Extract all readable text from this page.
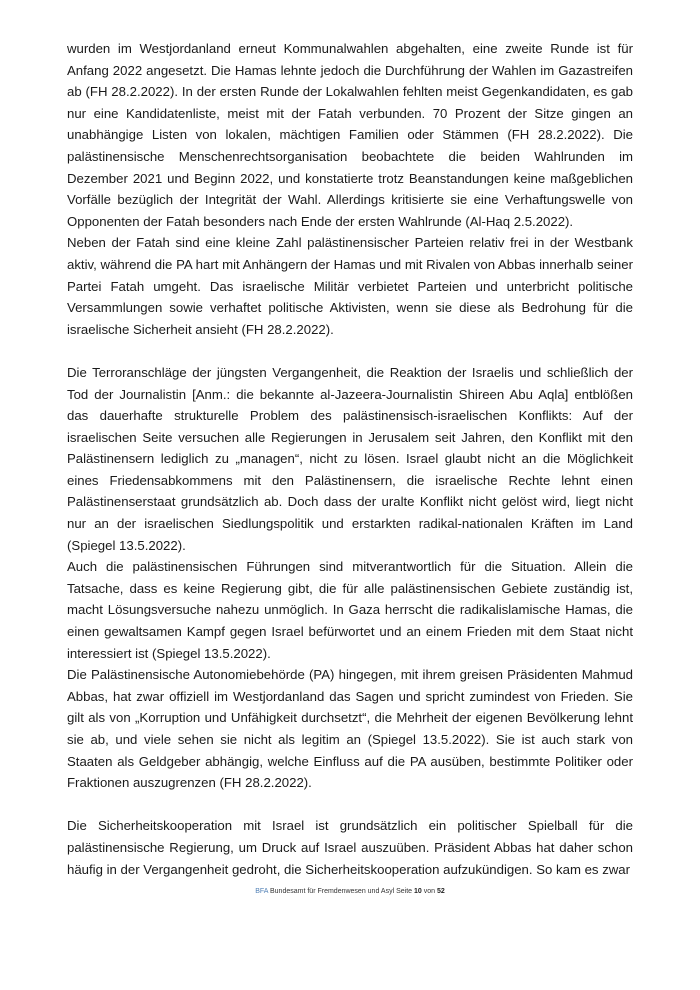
wurden im Westjordanland erneut Kommunalwahlen abgehalten, eine zweite Runde ist für Anfang 2022 angesetzt. Die Hamas lehnte jedoch die Durchführung der Wahlen im Gazastreifen ab (FH 28.2.2022). In der ersten Runde der Lokalwahlen fehlten meist Gegenkandidaten, es gab nur eine Kandidatenliste, meist mit der Fatah verbunden. 70 Prozent der Sitze gingen an unabhängige Listen von lokalen, mächtigen Familien oder Stämmen (FH 28.2.2022). Die palästinensische Menschenrechtsorganisation beobachtete die beiden Wahlrunden im Dezember 2021 und Beginn 2022, und konstatierte trotz Beanstandungen keine maßgeblichen Vorfälle bezüglich der Integrität der Wahl. Allerdings kritisierte sie eine Verhaftungswelle von Opponenten der Fatah besonders nach Ende der ersten Wahlrunde (Al-Haq 2.5.2022).

Neben der Fatah sind eine kleine Zahl palästinensischer Parteien relativ frei in der Westbank aktiv, während die PA hart mit Anhängern der Hamas und mit Rivalen von Abbas innerhalb seiner Partei Fatah umgeht. Das israelische Militär verbietet Parteien und unterbricht politische Versammlungen sowie verhaftet politische Aktivisten, wenn sie diese als Bedrohung für die israelische Sicherheit ansieht (FH 28.2.2022).

Die Terroranschläge der jüngsten Vergangenheit, die Reaktion der Israelis und schließlich der Tod der Journalistin [Anm.: die bekannte al-Jazeera-Journalistin Shireen Abu Aqla] entblößen das dauerhafte strukturelle Problem des palästinensisch-israelischen Konflikts: Auf der israelischen Seite versuchen alle Regierungen in Jerusalem seit Jahren, den Konflikt mit den Palästinensern lediglich zu „managen“, nicht zu lösen. Israel glaubt nicht an die Möglichkeit eines Friedensabkommens mit den Palästinensern, die israelische Rechte lehnt einen Palästinenserstaat grundsätzlich ab. Doch dass der uralte Konflikt nicht gelöst wird, liegt nicht nur an der israelischen Siedlungspolitik und erstarkten radikal-nationalen Kräften im Land (Spiegel 13.5.2022).

Auch die palästinensischen Führungen sind mitverantwortlich für die Situation. Allein die Tatsache, dass es keine Regierung gibt, die für alle palästinensischen Gebiete zuständig ist, macht Lösungsversuche nahezu unmöglich. In Gaza herrscht die radikalislamische Hamas, die einen gewaltsamen Kampf gegen Israel befürwortet und an einem Frieden mit dem Staat nicht interessiert ist (Spiegel 13.5.2022).

Die Palästinensische Autonomiebehörde (PA) hingegen, mit ihrem greisen Präsidenten Mahmud Abbas, hat zwar offiziell im Westjordanland das Sagen und spricht zumindest von Frieden. Sie gilt als von „Korruption und Unfähigkeit durchsetzt“, die Mehrheit der eigenen Bevölkerung lehnt sie ab, und viele sehen sie nicht als legitim an (Spiegel 13.5.2022). Sie ist auch stark von Staaten als Geldgeber abhängig, welche Einfluss auf die PA ausüben, bestimmte Politiker oder Fraktionen auszugrenzen (FH 28.2.2022).

Die Sicherheitskooperation mit Israel ist grundsätzlich ein politischer Spielball für die palästinensische Regierung, um Druck auf Israel auszuüben. Präsident Abbas hat daher schon häufig in der Vergangenheit gedroht, die Sicherheitskooperation aufzukündigen. So kam es zwar

BFA Bundesamt für Fremdenwesen und Asyl Seite 10 von 52
